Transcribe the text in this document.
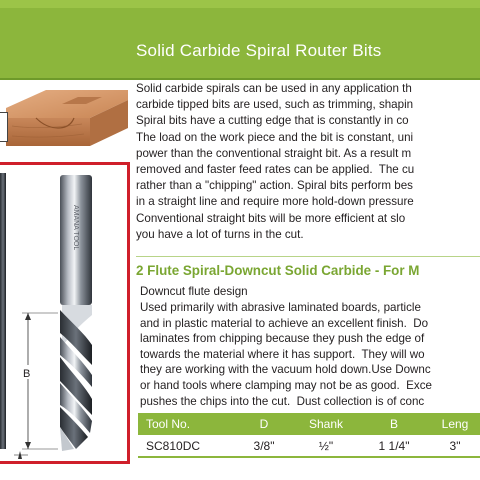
Solid Carbide Spiral Router Bits
AMANA TOOL
B
Solid carbide spirals can be used in any application th
carbide tipped bits are used, such as trimming, shapin
Spiral bits have a cutting edge that is constantly in co
The load on the work piece and the bit is constant, uni
power than the conventional straight bit. As a result m
removed and faster feed rates can be applied.  The cu
rather than a "chipping" action. Spiral bits perform bes
in a straight line and require more hold-down pressure
Conventional straight bits will be more efficient at slo
you have a lot of turns in the cut.
2 Flute Spiral-Downcut Solid Carbide - For M
Downcut flute design
Used primarily with abrasive laminated boards, particle
and in plastic material to achieve an excellent finish.  Do
laminates from chipping because they push the edge of
towards the material where it has support.  They will wo
they are working with the vacuum hold down.Use Downc
or hand tools where clamping may not be as good.  Exce
pushes the chips into the cut.  Dust collection is of conc
Tool No.	D	Shank	B	Leng
SC810DC	3/8"	½"	1 1/4"	3"
